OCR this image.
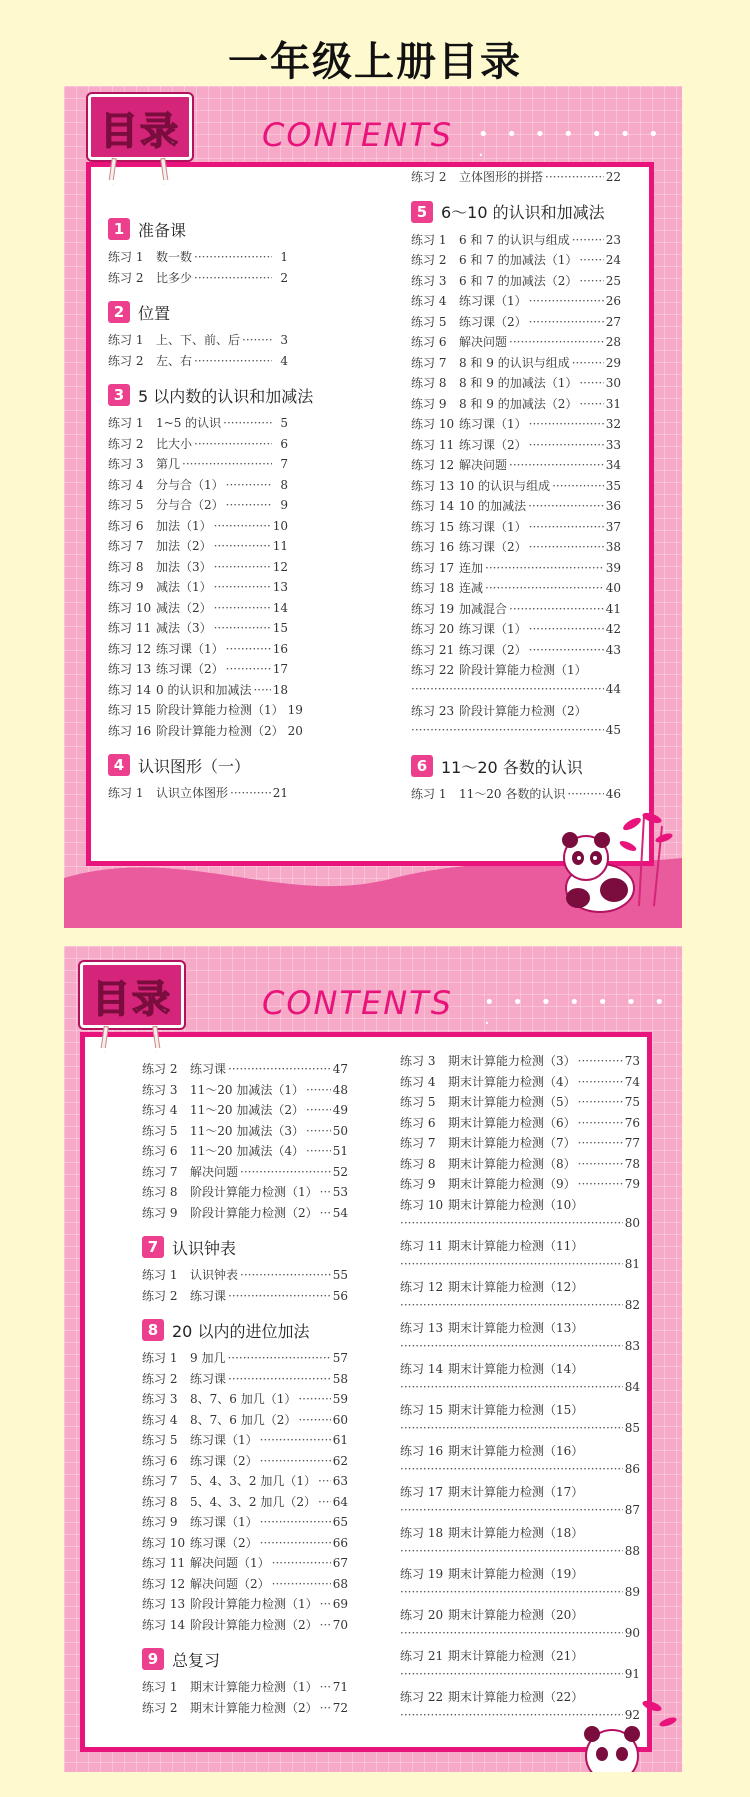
一年级上册目录
目录	CONTENTS • • • • • • • ·
1 准备课
练习 1	数一数 ·····	1
练习 2	比多少 ·····	2
2 位置
练习 1	上、下、前、后 ·····	3
练习 2	左、右 ·····	4
3 5 以内数的认识和加减法
练习 1	1~5 的认识 ·····	5
练习 2	比大小 ·····	6
练习 3	第几 ·····	7
练习 4	分与合（1） ·····	8
练习 5	分与合（2） ·····	9
练习 6	加法（1） ·····	10
练习 7	加法（2） ·····	11
练习 8	加法（3） ·····	12
练习 9	减法（1） ·····	13
练习 10 减法（2） ·····	14
练习 11 减法（3） ·····	15
练习 12 练习课（1） ·····	16
练习 13 练习课（2） ·····	17
练习 14 0 的认识和加减法 ····· 18
练习 15 阶段计算能力检测（1） 19
练习 16 阶段计算能力检测（2） 20
4 认识图形（一）
练习 1	认识立体图形 ·····	21
练习 2	立体图形的拼搭 ·····	22
5 6～10 的认识和加减法
练习 1	6 和 7 的认识与组成 ·····	23
练习 2	6 和 7 的加减法（1） ····· 24
练习 3	6 和 7 的加减法（2） ····· 25
练习 4	练习课（1） ·····	26
练习 5	练习课（2） ·····	27
练习 6	解决问题 ·····	28
练习 7	8 和 9 的认识与组成 ·····	29
练习 8	8 和 9 的加减法（1） ····· 30
练习 9	8 和 9 的加减法（2） ····· 31
练习 10 练习课（1） ·····	32
练习 11 练习课（2） ·····	33
练习 12 解决问题 ·····	34
练习 13 10 的认识与组成 ·····	35
练习 14 10 的加减法 ·····	36
练习 15 练习课（1） ·····	37
练习 16 练习课（2） ·····	38
练习 17 连加 ·····	39
练习 18 连减 ·····	40
练习 19 加减混合 ·····	41
练习 20 练习课（1） ·····	42
练习 21 练习课（2） ·····	43
练习 22 阶段计算能力检测（1）
·····
44
练习 23 阶段计算能力检测（2）
·····
45
6 11～20 各数的认识
练习 1	11～20 各数的认识 ·····	46
目录	CONTENTS • • • • • • • ·
练习 2	练习课 ·····	47
练习 3	11～20 加减法（1） ····· 48
练习 4	11～20 加减法（2） ····· 49
练习 5	11～20 加减法（3） ····· 50
练习 6	11～20 加减法（4） ····· 51
练习 7	解决问题 ·····	52
练习 8	阶段计算能力检测（1） ····· 53
练习 9	阶段计算能力检测（2） ····· 54
7 认识钟表
练习 1	认识钟表 ·····	55
练习 2	练习课 ·····	56
8 20 以内的进位加法
练习 1	9 加几 ·····	57
练习 2	练习课 ·····	58
练习 3	8、7、6 加几（1） ·····	59
练习 4	8、7、6 加几（2） ·····	60
练习 5	练习课（1） ·····	61
练习 6	练习课（2） ·····	62
练习 7	5、4、3、2 加几（1） ····· 63
练习 8	5、4、3、2 加几（2） ····· 64
练习 9	练习课（1） ·····	65
练习 10 练习课（2） ·····	66
练习 11 解决问题（1） ·····	67
练习 12 解决问题（2） ·····	68
练习 13 阶段计算能力检测（1） ····· 69
练习 14 阶段计算能力检测（2） ····· 70
9 总复习
练习 1	期末计算能力检测（1） ····· 71
练习 2	期末计算能力检测（2） ····· 72
练习 3	期末计算能力检测（3） ·····	73
练习 4	期末计算能力检测（4） ·····	74
练习 5	期末计算能力检测（5） ·····	75
练习 6	期末计算能力检测（6） ·····	76
练习 7	期末计算能力检测（7） ·····	77
练习 8	期末计算能力检测（8） ·····	78
练习 9	期末计算能力检测（9） ·····	79
练习 10 期末计算能力检测（10）
·····
80
练习 11 期末计算能力检测（11）
·····
81
练习 12 期末计算能力检测（12）
·····
82
练习 13 期末计算能力检测（13）
·····
83
练习 14 期末计算能力检测（14）
·····
84
练习 15 期末计算能力检测（15）
·····
85
练习 16 期末计算能力检测（16）
·····
86
练习 17 期末计算能力检测（17）
·····
87
练习 18 期末计算能力检测（18）
·····
88
练习 19 期末计算能力检测（19）
·····
89
练习 20 期末计算能力检测（20）
·····
90
练习 21 期末计算能力检测（21）
·····
91
练习 22 期末计算能力检测（22）
·····
92
